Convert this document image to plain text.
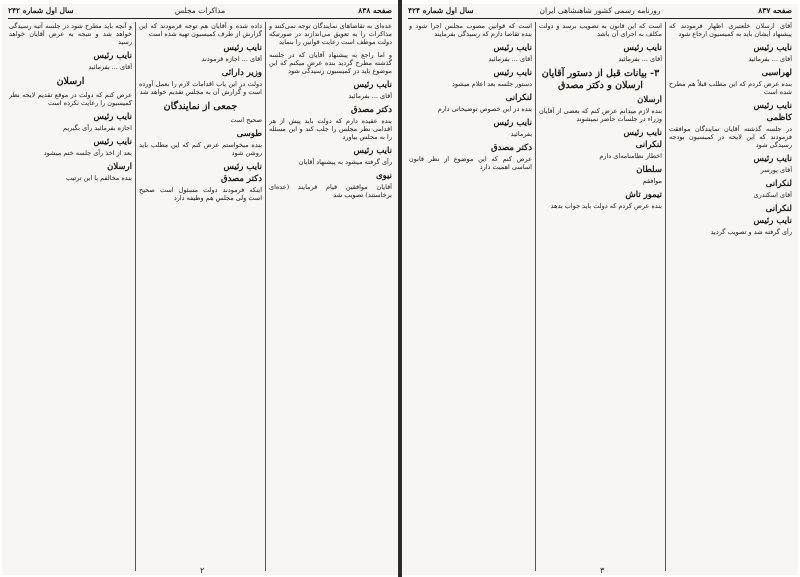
صفحه ۸۳۸
مذاکرات مجلس
سال اول شماره ۲۴۲

عده‌ای به تقاضاهای نمایندگان توجه نمی‌کنند و مذاکرات را به تعویق می‌اندازند در صورتیکه دولت موظف است رعایت قوانین را بنماید

و اما راجع به پیشنهاد آقایان که در جلسه گذشته مطرح گردید بنده عرض میکنم که این موضوع باید در کمیسیون رسیدگی شود

نایب رئیس

آقای ... بفرمائید

دکتر مصدق

بنده عقیده دارم که دولت باید پیش از هر اقدامی نظر مجلس را جلب کند و این مسئله را به مجلس بیاورد

نایب رئیس

رأی گرفته میشود به پیشنهاد آقایان

نیوی

آقایان موافقین قیام فرمایند (عده‌ای برخاستند) تصویب شد

داده شده و آقایان هم توجه فرمودند که این گزارش از طرف کمیسیون تهیه شده است

نایب رئیس

آقای ... اجازه فرمودند

وزیر دارائی

دولت در این باب اقدامات لازم را بعمل آورده است و گزارش آن به مجلس تقدیم خواهد شد

جمعی از نمایندگان

صحیح است

طوسی

بنده میخواستم عرض کنم که این مطلب باید روشن شود

نایب رئیس
دکتر مصدق

اینکه فرمودند دولت مسئول است صحیح است ولی مجلس هم وظیفه دارد

و آنچه باید مطرح شود در جلسه آتیه رسیدگی خواهد شد و نتیجه به عرض آقایان خواهد رسید

نایب رئیس

آقای ... بفرمائید

ارسلان

عرض کنم که دولت در موقع تقدیم لایحه نظر کمیسیون را رعایت نکرده است

نایب رئیس

اجازه بفرمائید رأی بگیریم

نایب رئیس

بعد از اخذ رأی جلسه ختم میشود

ارسلان

بنده مخالفم با این ترتیب

۲
صفحه ۸۳۷
روزنامه رسمی کشور شاهنشاهی ایران
سال اول شماره ۴۲۴

آقای ارسلان خلعتبری اظهار فرمودند که پیشنهاد ایشان باید به کمیسیون ارجاع شود

نایب رئیس

آقای ... بفرمائید

لهراسبی

بنده عرض کردم که این مطلب قبلاً هم مطرح شده است

نایب رئیس
کاظمی

در جلسه گذشته آقایان نمایندگان موافقت فرمودند که این لایحه در کمیسیون بودجه رسیدگی شود

نایب رئیس

آقای پورسر

لنکرانی

آقای اسکندری

لنکرانی
نایب رئیس

رأی گرفته شد و تصویب گردید

است که این قانون به تصویب برسد و دولت مکلف به اجرای آن باشد

نایب رئیس

آقای ... بفرمائید

۳- بیانات قبل از دستور آقایان ارسلان و دکتر مصدق
ارسلان

بنده لازم میدانم عرض کنم که بعضی از آقایان وزراء در جلسات حاضر نمیشوند

نایب رئیس
لنکرانی

اخطار نظامنامه‌ای دارم

سلطان

موافقم

تیمور تاش

بنده عرض کردم که دولت باید جواب بدهد

است که قوانین مصوب مجلس اجرا شود و بنده تقاضا دارم که رسیدگی بفرمایند

نایب رئیس

آقای ... بفرمائید

نایب رئیس

دستور جلسه بعد اعلام میشود

لنکرانی

بنده در این خصوص توضیحاتی دارم

نایب رئیس

بفرمائید

دکتر مصدق

عرض کنم که این موضوع از نظر قانون اساسی اهمیت دارد

۳
